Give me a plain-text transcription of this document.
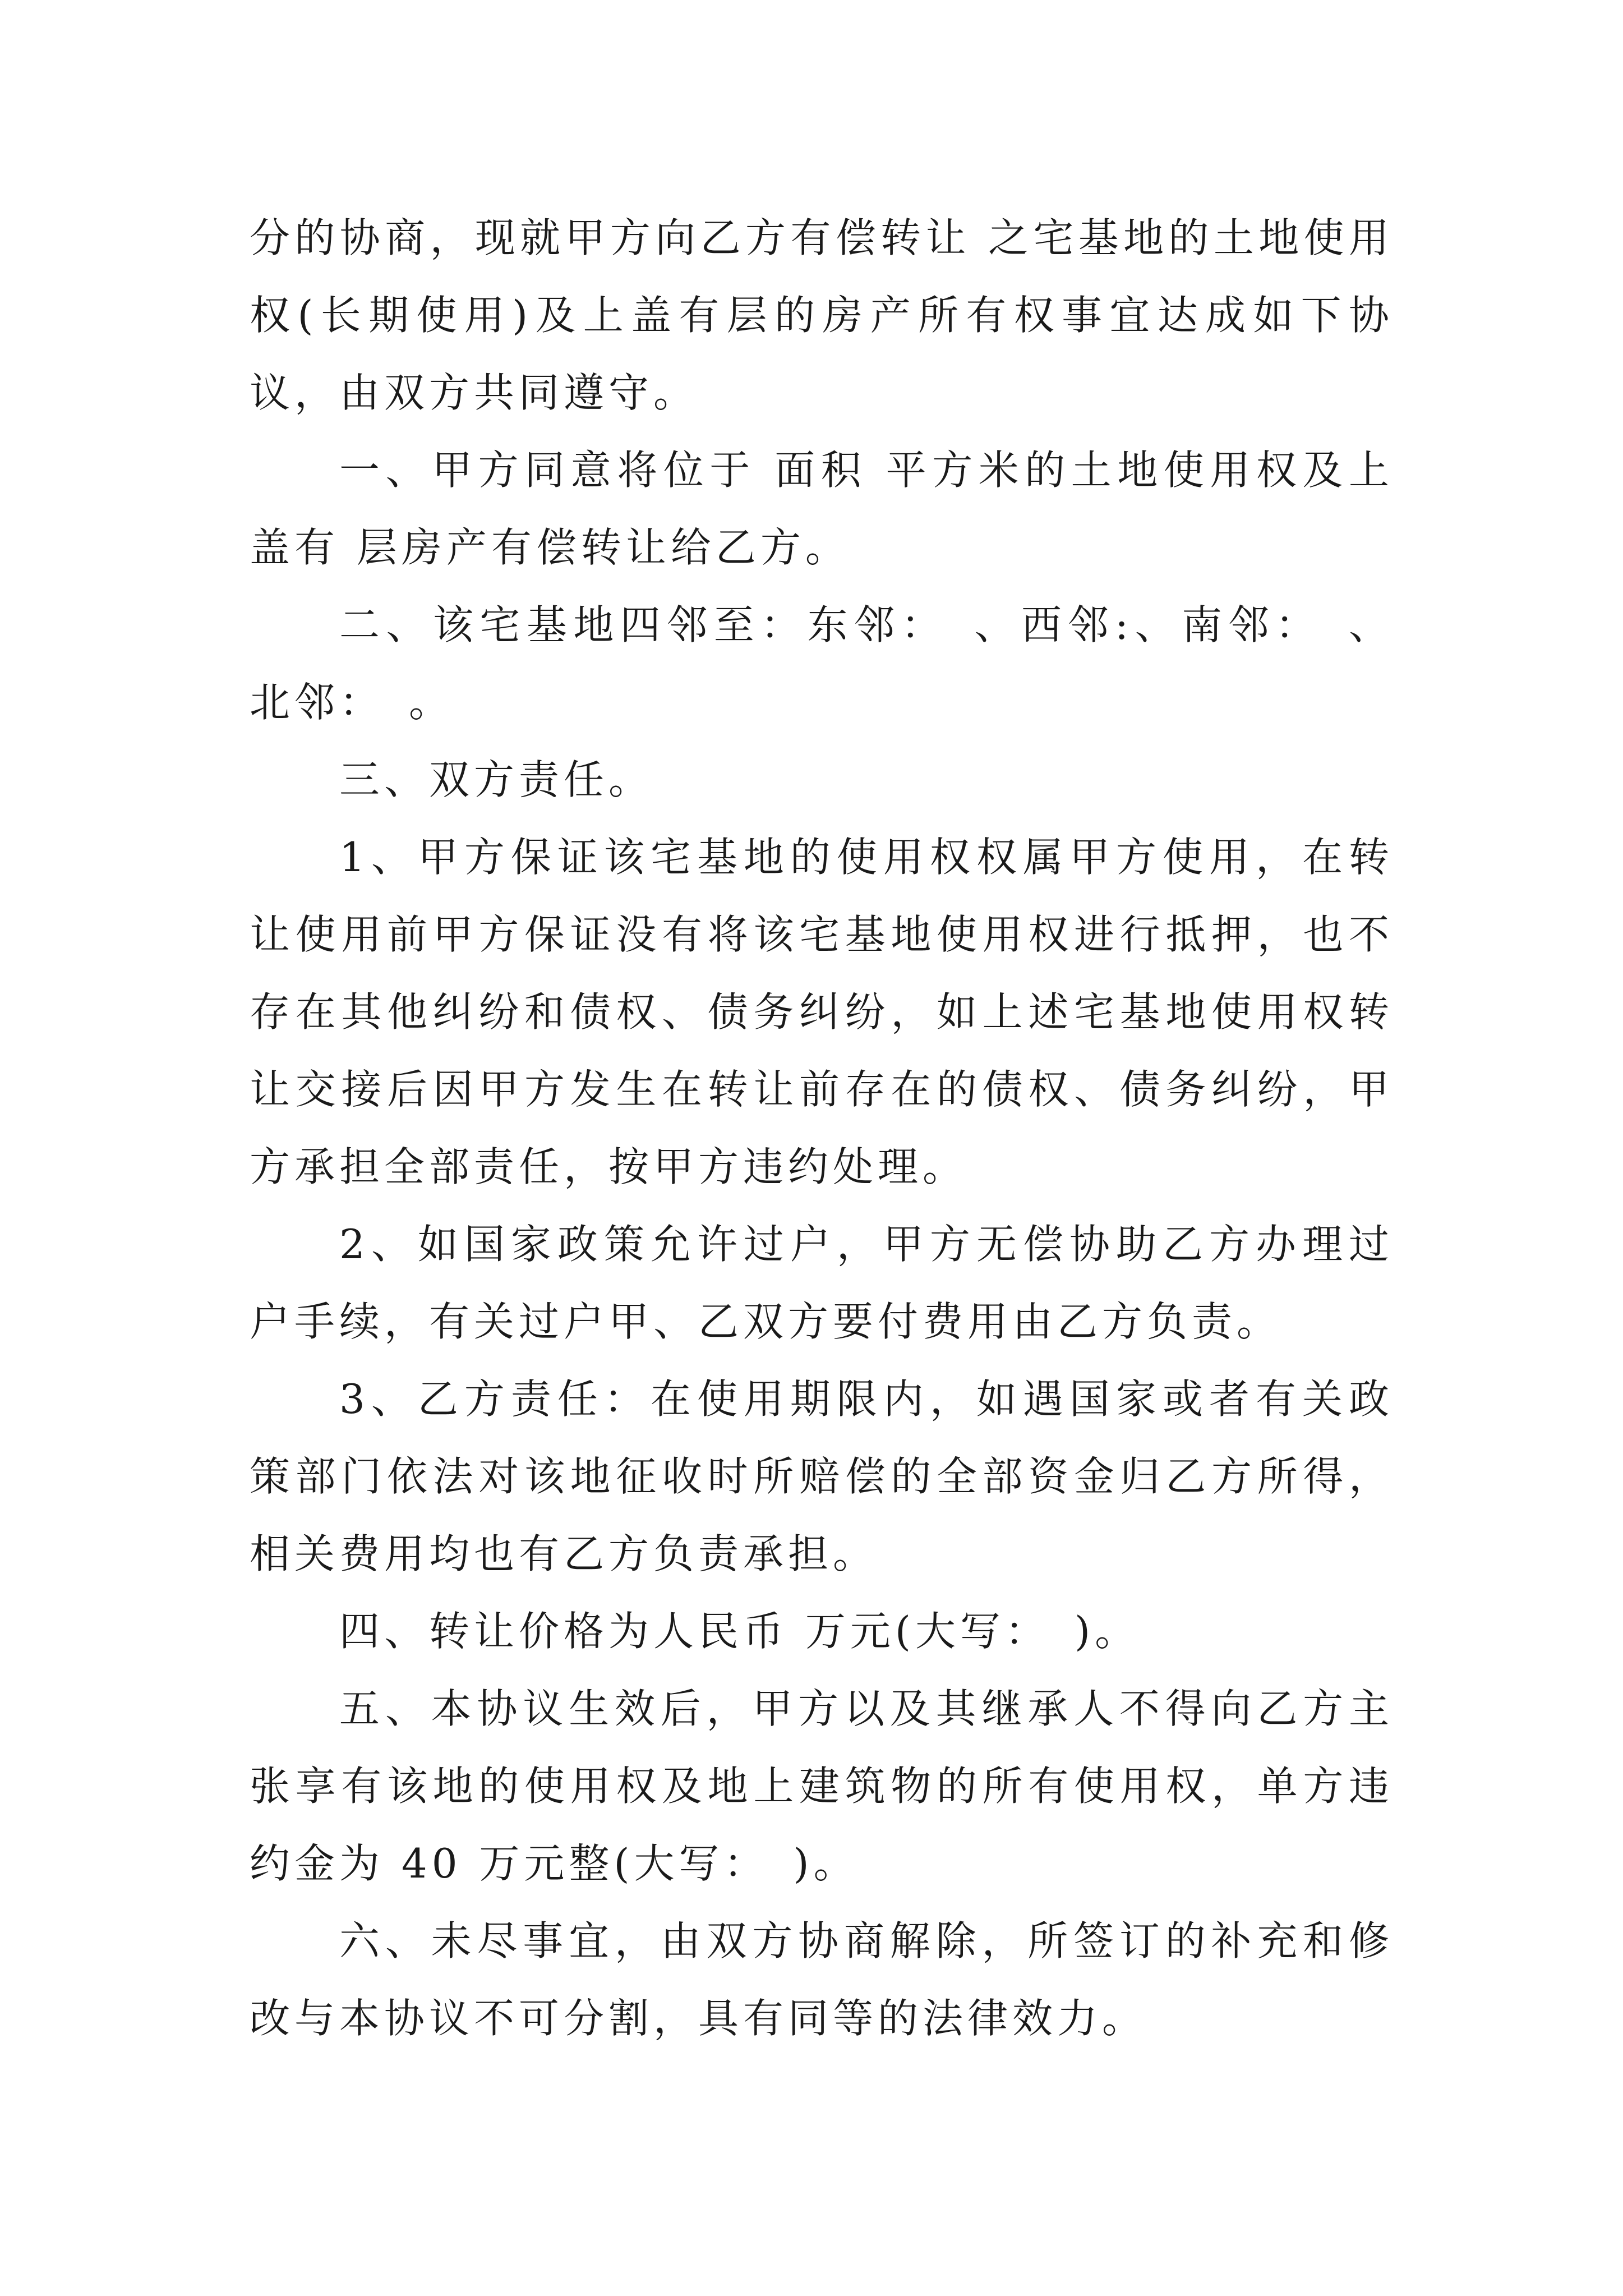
分的协商，现就甲方向乙方有偿转让 之宅基地的土地使用权(长期使用)及上盖有层的房产所有权事宜达成如下协议，由双方共同遵守。

一、甲方同意将位于 面积 平方米的土地使用权及上盖有 层房产有偿转让给乙方。

二、该宅基地四邻至：东邻：　、西邻:、南邻：　、北邻：　。

三、双方责任。

1、甲方保证该宅基地的使用权权属甲方使用，在转让使用前甲方保证没有将该宅基地使用权进行抵押，也不存在其他纠纷和债权、债务纠纷，如上述宅基地使用权转让交接后因甲方发生在转让前存在的债权、债务纠纷，甲方承担全部责任，按甲方违约处理。

2、如国家政策允许过户，甲方无偿协助乙方办理过户手续，有关过户甲、乙双方要付费用由乙方负责。

3、乙方责任：在使用期限内，如遇国家或者有关政策部门依法对该地征收时所赔偿的全部资金归乙方所得，相关费用均也有乙方负责承担。

四、转让价格为人民币 万元(大写：　)。

五、本协议生效后，甲方以及其继承人不得向乙方主张享有该地的使用权及地上建筑物的所有使用权，单方违约金为 40 万元整(大写：　)。

六、未尽事宜，由双方协商解除，所签订的补充和修改与本协议不可分割，具有同等的法律效力。
